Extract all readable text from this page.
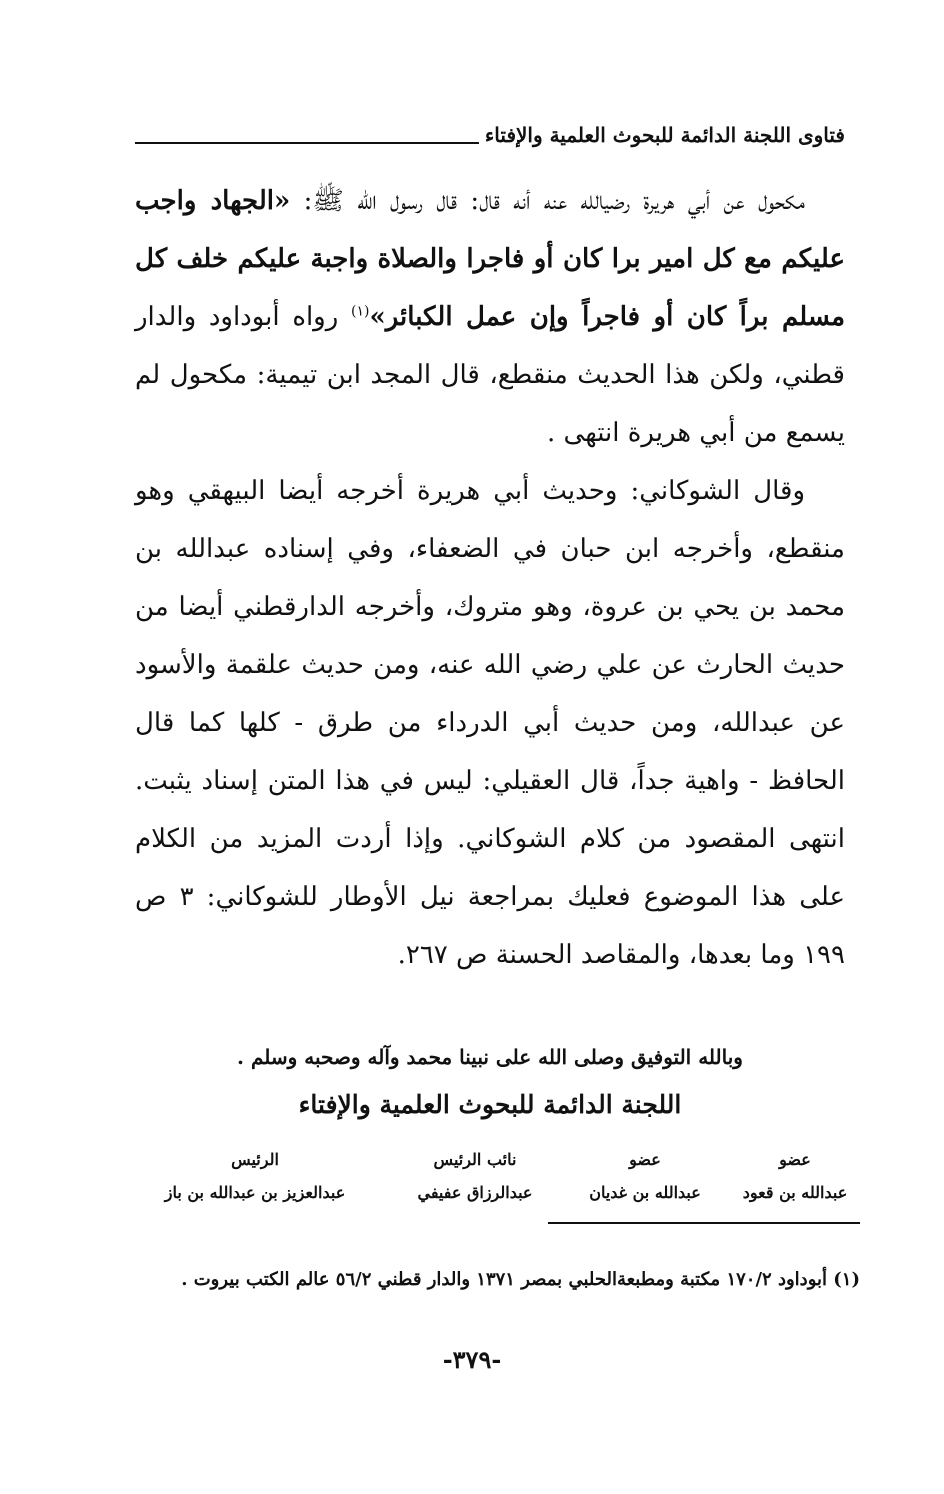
فتاوى اللجنة الدائمة للبحوث العلمية والإفتاء

مكحول عن أبي هريرة رضيالله عنه أنه قال: قال رسول الله ﷺ: «الجهاد واجب عليكم مع كل امير برا كان أو فاجرا والصلاة واجبة عليكم خلف كل مسلم براً كان أو فاجراً وإن عمل الكبائر»$^{(١)}$ رواه أبوداود والدار قطني، ولكن هذا الحديث منقطع، قال المجد ابن تيمية: مكحول لم يسمع من أبي هريرة انتهى .

وقال الشوكاني: وحديث أبي هريرة أخرجه أيضا البيهقي وهو منقطع، وأخرجه ابن حبان في الضعفاء، وفي إسناده عبدالله بن محمد بن يحي بن عروة، وهو متروك، وأخرجه الدارقطني أيضا من حديث الحارث عن علي رضي الله عنه، ومن حديث علقمة والأسود عن عبدالله، ومن حديث أبي الدرداء من طرق - كلها كما قال الحافظ - واهية جداً، قال العقيلي: ليس في هذا المتن إسناد يثبت. انتهى المقصود من كلام الشوكاني. وإذا أردت المزيد من الكلام على هذا الموضوع فعليك بمراجعة نيل الأوطار للشوكاني: ٣ ص ١٩٩ وما بعدها، والمقاصد الحسنة ص ٢٦٧.

وبالله التوفيق وصلى الله على نبينا محمد وآله وصحبه وسلم .
اللجنة الدائمة للبحوث العلمية والإفتاء
عضو
عبدالله بن قعود
عضو
عبدالله بن غديان
نائب الرئيس
عبدالرزاق عفيفي
الرئيس
عبدالعزيز بن عبدالله بن باز
(١) أبوداود ١٧٠/٢ مكتبة ومطبعةالحلبي بمصر ١٣٧١ والدار قطني ٥٦/٢ عالم الكتب بيروت .
-٣٧٩-
